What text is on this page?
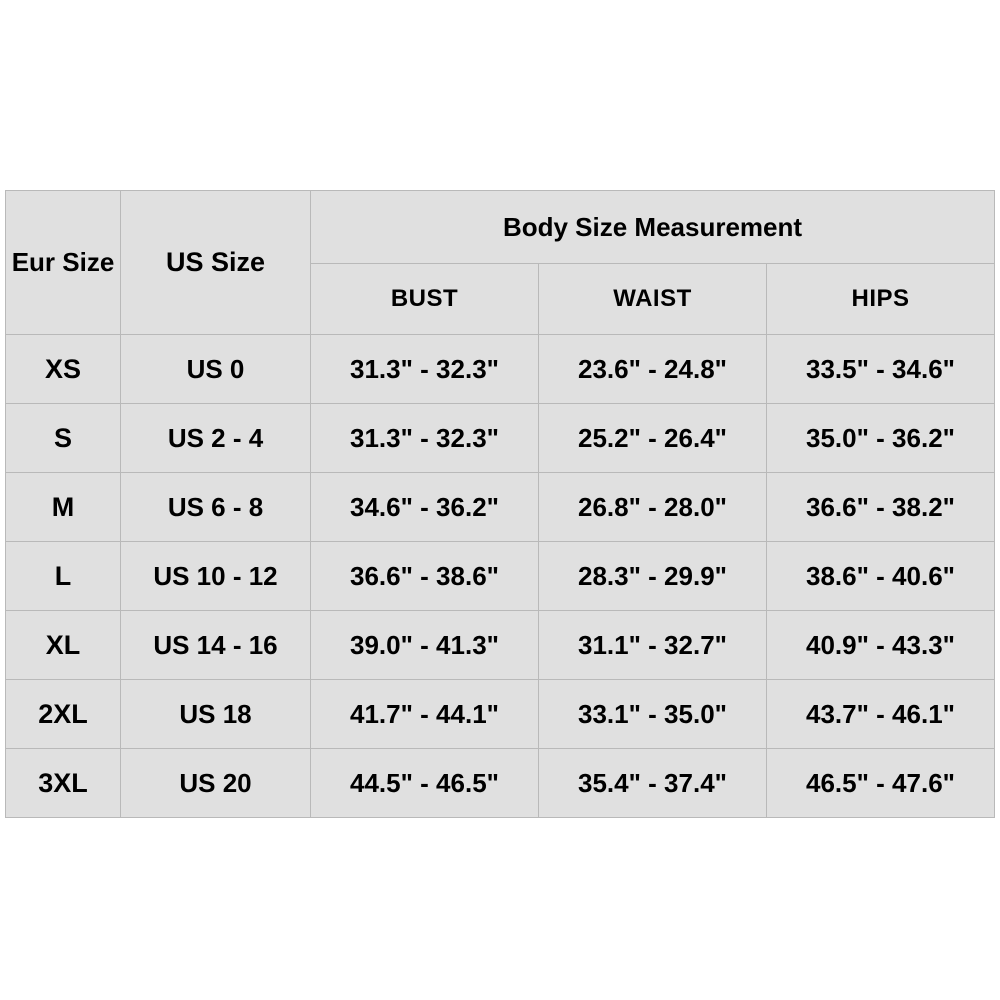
Eur Size	US Size	Body Size Measurement		
		BUST	WAIST	HIPS
XS	US 0	31.3" - 32.3"	23.6" - 24.8"	33.5" - 34.6"
S	US 2 - 4	31.3" - 32.3"	25.2" - 26.4"	35.0" - 36.2"
M	US 6 - 8	34.6" - 36.2"	26.8" - 28.0"	36.6" - 38.2"
L	US 10 - 12	36.6" - 38.6"	28.3" - 29.9"	38.6" - 40.6"
XL	US 14 - 16	39.0" - 41.3"	31.1" - 32.7"	40.9" - 43.3"
2XL	US 18	41.7" - 44.1"	33.1" - 35.0"	43.7" - 46.1"
3XL	US 20	44.5" - 46.5"	35.4" - 37.4"	46.5" - 47.6"
